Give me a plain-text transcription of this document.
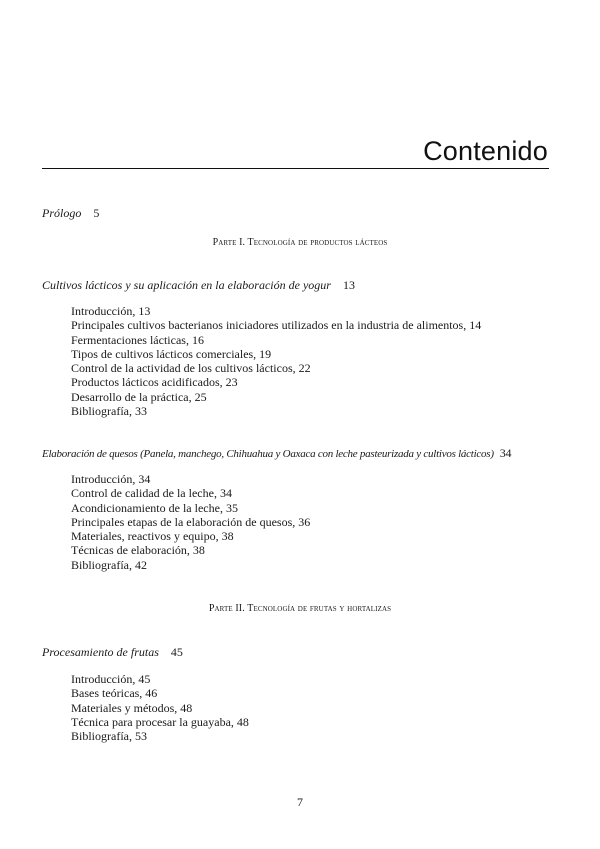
Contenido
Prólogo 5
Parte I. Tecnología de productos lácteos
Cultivos lácticos y su aplicación en la elaboración de yogur 13
Introducción, 13
Principales cultivos bacterianos iniciadores utilizados en la industria de alimentos, 14
Fermentaciones lácticas, 16
Tipos de cultivos lácticos comerciales, 19
Control de la actividad de los cultivos lácticos, 22
Productos lácticos acidificados, 23
Desarrollo de la práctica, 25
Bibliografía, 33
Elaboración de quesos (Panela, manchego, Chihuahua y Oaxaca con leche pasteurizada y cultivos lácticos) 34
Introducción, 34
Control de calidad de la leche, 34
Acondicionamiento de la leche, 35
Principales etapas de la elaboración de quesos, 36
Materiales, reactivos y equipo, 38
Técnicas de elaboración, 38
Bibliografía, 42
Parte II. Tecnología de frutas y hortalizas
Procesamiento de frutas 45
Introducción, 45
Bases teóricas, 46
Materiales y métodos, 48
Técnica para procesar la guayaba, 48
Bibliografía, 53
7
